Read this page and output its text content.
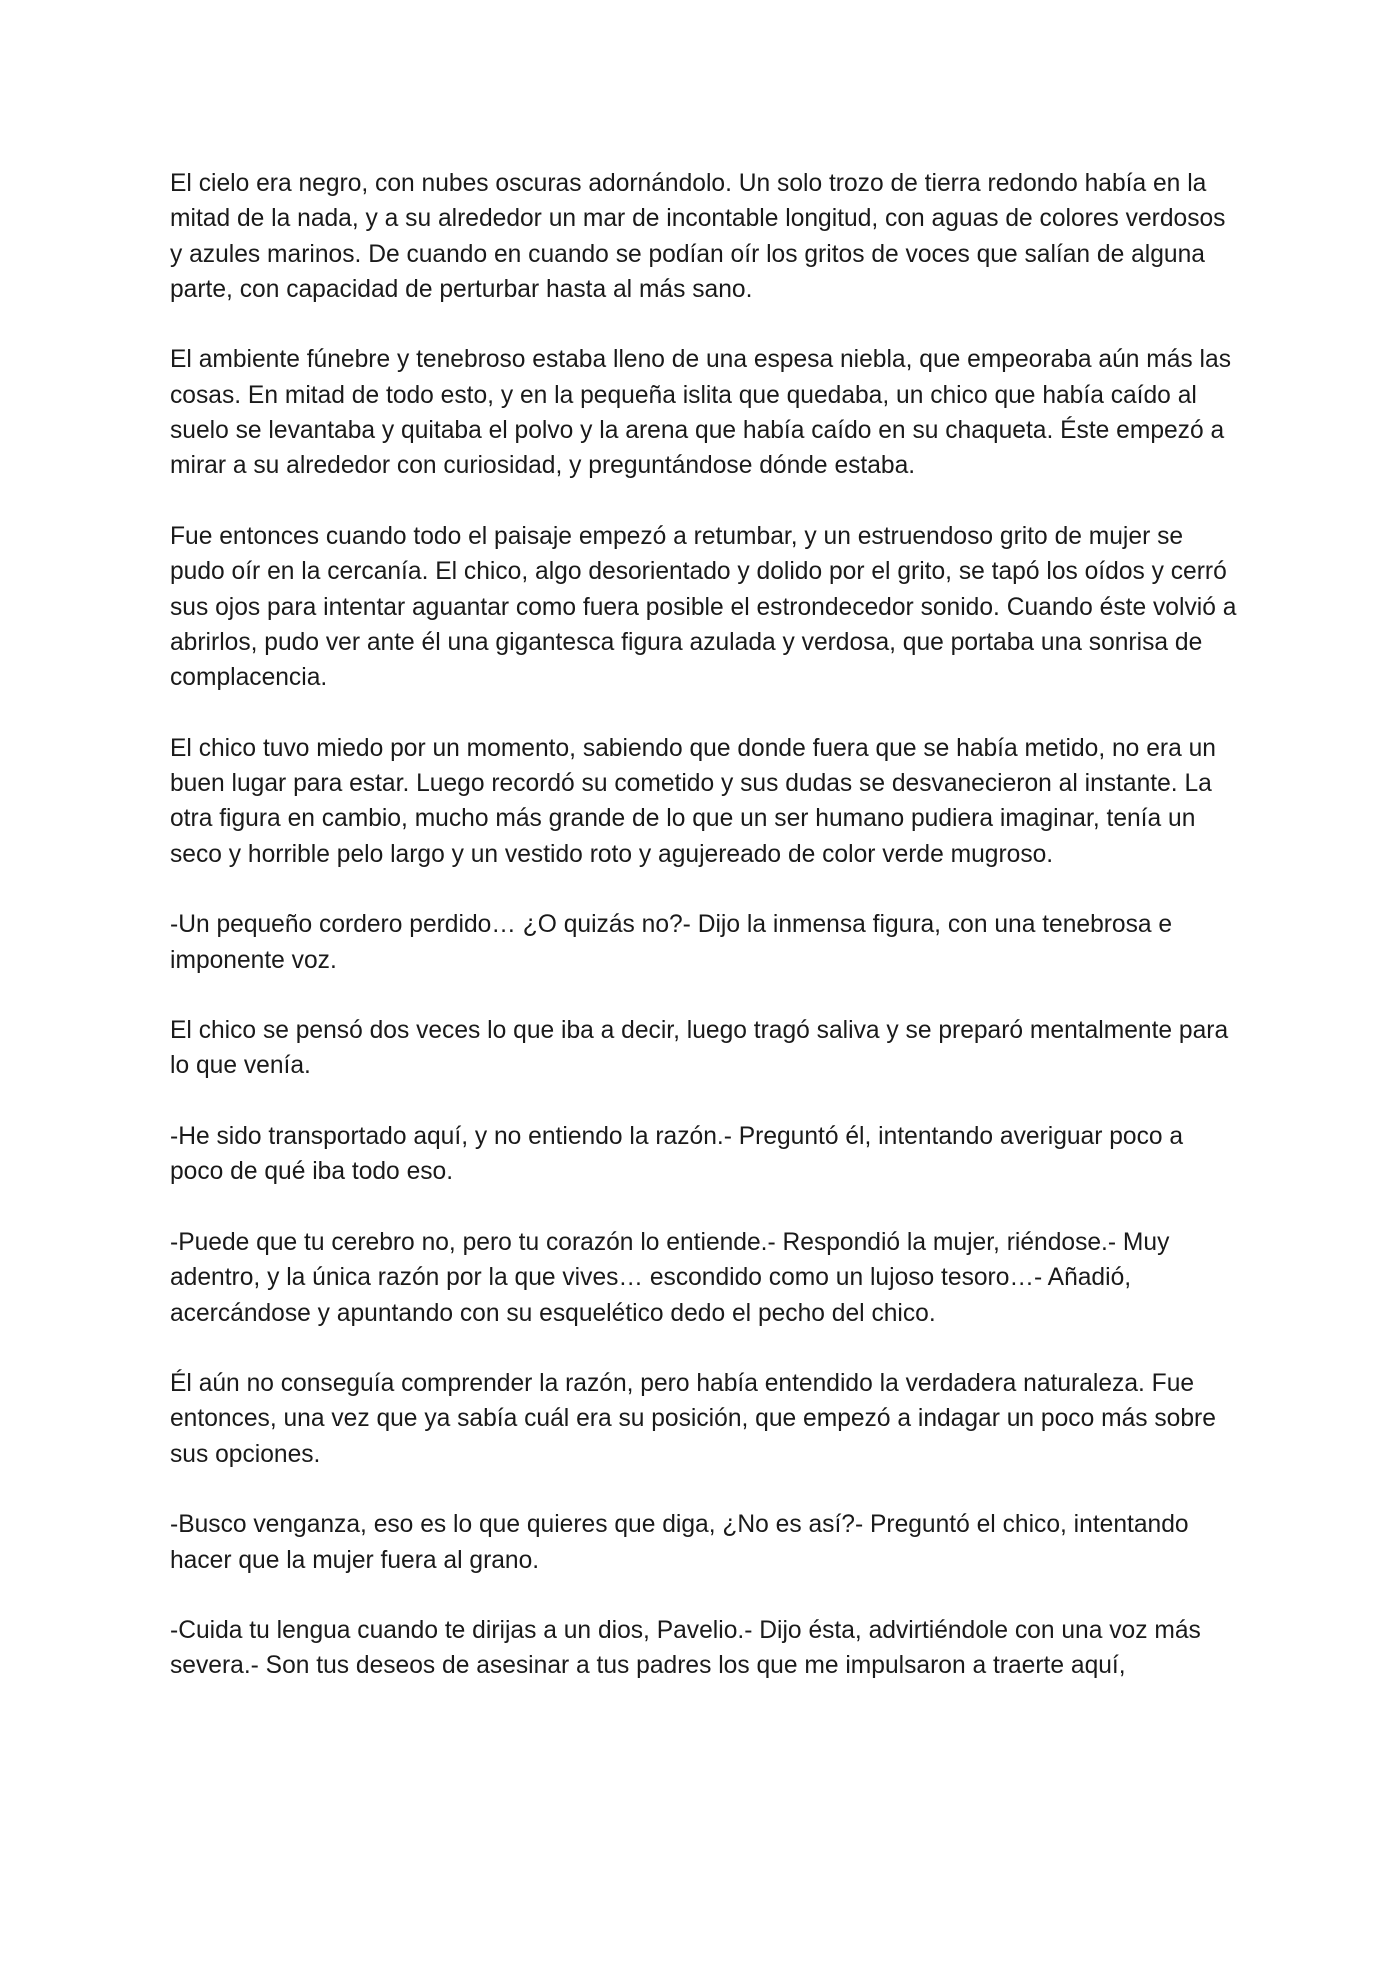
El cielo era negro, con nubes oscuras adornándolo. Un solo trozo de tierra redondo había en la mitad de la nada, y a su alrededor un mar de incontable longitud, con aguas de colores verdosos y azules marinos. De cuando en cuando se podían oír los gritos de voces que salían de alguna parte, con capacidad de perturbar hasta al más sano.

El ambiente fúnebre y tenebroso estaba lleno de una espesa niebla, que empeoraba aún más las cosas. En mitad de todo esto, y en la pequeña islita que quedaba, un chico que había caído al suelo se levantaba y quitaba el polvo y la arena que había caído en su chaqueta. Éste empezó a mirar a su alrededor con curiosidad, y preguntándose dónde estaba.

Fue entonces cuando todo el paisaje empezó a retumbar, y un estruendoso grito de mujer se pudo oír en la cercanía. El chico, algo desorientado y dolido por el grito, se tapó los oídos y cerró sus ojos para intentar aguantar como fuera posible el estrondecedor sonido. Cuando éste volvió a abrirlos, pudo ver ante él una gigantesca figura azulada y verdosa, que portaba una sonrisa de complacencia.

El chico tuvo miedo por un momento, sabiendo que donde fuera que se había metido, no era un buen lugar para estar. Luego recordó su cometido y sus dudas se desvanecieron al instante. La otra figura en cambio, mucho más grande de lo que un ser humano pudiera imaginar, tenía un seco y horrible pelo largo y un vestido roto y agujereado de color verde mugroso.

-Un pequeño cordero perdido… ¿O quizás no?- Dijo la inmensa figura, con una tenebrosa e imponente voz.

El chico se pensó dos veces lo que iba a decir, luego tragó saliva y se preparó mentalmente para lo que venía.

-He sido transportado aquí, y no entiendo la razón.- Preguntó él, intentando averiguar poco a poco de qué iba todo eso.

-Puede que tu cerebro no, pero tu corazón lo entiende.- Respondió la mujer, riéndose.- Muy adentro, y la única razón por la que vives… escondido como un lujoso tesoro…- Añadió, acercándose y apuntando con su esquelético dedo el pecho del chico.

Él aún no conseguía comprender la razón, pero había entendido la verdadera naturaleza. Fue entonces, una vez que ya sabía cuál era su posición, que empezó a indagar un poco más sobre sus opciones.

-Busco venganza, eso es lo que quieres que diga, ¿No es así?- Preguntó el chico, intentando hacer que la mujer fuera al grano.

-Cuida tu lengua cuando te dirijas a un dios, Pavelio.- Dijo ésta, advirtiéndole con una voz más severa.- Son tus deseos de asesinar a tus padres los que me impulsaron a traerte aquí,
